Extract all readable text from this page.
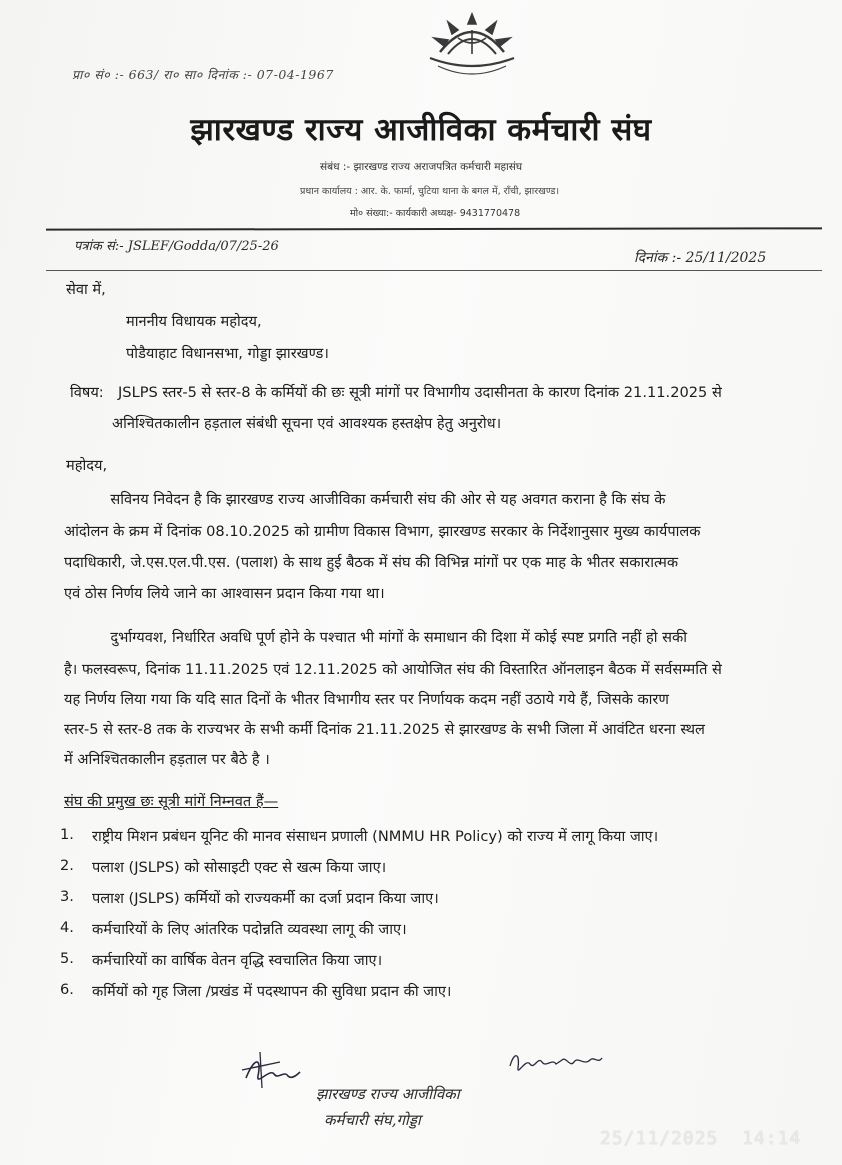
प्रा० सं० :- 663/ रा० सा० दिनांक :- 07-04-1967
झारखण्ड राज्य आजीविका कर्मचारी संघ
संबंध :- झारखण्ड राज्य अराजपत्रित कर्मचारी महासंघ
प्रधान कार्यालय : आर. के. फार्मा, चुटिया थाना के बगल में, राँची, झारखण्ड।
मो० संख्या:- कार्यकारी अध्यक्ष- 9431770478
पत्रांक सं:- JSLEF/Godda/07/25-26
दिनांक :- 25/11/2025
सेवा में,
माननीय विधायक महोदय,
पोडैयाहाट विधानसभा, गोड्डा झारखण्ड।
विषय: JSLPS स्तर-5 से स्तर-8 के कर्मियों की छः सूत्री मांगों पर विभागीय उदासीनता के कारण दिनांक 21.11.2025 से
अनिश्चितकालीन हड़ताल संबंधी सूचना एवं आवश्यक हस्तक्षेप हेतु अनुरोध।
महोदय,
सविनय निवेदन है कि झारखण्ड राज्य आजीविका कर्मचारी संघ की ओर से यह अवगत कराना है कि संघ के
आंदोलन के क्रम में दिनांक 08.10.2025 को ग्रामीण विकास विभाग, झारखण्ड सरकार के निर्देशानुसार मुख्य कार्यपालक
पदाधिकारी, जे.एस.एल.पी.एस. (पलाश) के साथ हुई बैठक में संघ की विभिन्न मांगों पर एक माह के भीतर सकारात्मक
एवं ठोस निर्णय लिये जाने का आश्वासन प्रदान किया गया था।
दुर्भाग्यवश, निर्धारित अवधि पूर्ण होने के पश्चात भी मांगों के समाधान की दिशा में कोई स्पष्ट प्रगति नहीं हो सकी
है। फलस्वरूप, दिनांक 11.11.2025 एवं 12.11.2025 को आयोजित संघ की विस्तारित ऑनलाइन बैठक में सर्वसम्मति से
यह निर्णय लिया गया कि यदि सात दिनों के भीतर विभागीय स्तर पर निर्णायक कदम नहीं उठाये गये हैं, जिसके कारण
स्तर-5 से स्तर-8 तक के राज्यभर के सभी कर्मी दिनांक 21.11.2025 से झारखण्ड के सभी जिला में आवंटित धरना स्थल
में अनिश्चितकालीन हड़ताल पर बैठे है ।
संघ की प्रमुख छः सूत्री मांगें निम्नवत हैं—
1. राष्ट्रीय मिशन प्रबंधन यूनिट की मानव संसाधन प्रणाली (NMMU HR Policy) को राज्य में लागू किया जाए।
2. पलाश (JSLPS) को सोसाइटी एक्ट से खत्म किया जाए।
3. पलाश (JSLPS) कर्मियों को राज्यकर्मी का दर्जा प्रदान किया जाए।
4. कर्मचारियों के लिए आंतरिक पदोन्नति व्यवस्था लागू की जाए।
5. कर्मचारियों का वार्षिक वेतन वृद्धि स्वचालित किया जाए।
6. कर्मियों को गृह जिला /प्रखंड में पदस्थापन की सुविधा प्रदान की जाए।
झारखण्ड राज्य आजीविका
कर्मचारी संघ,गोड्डा
25/11/2025  14:14
